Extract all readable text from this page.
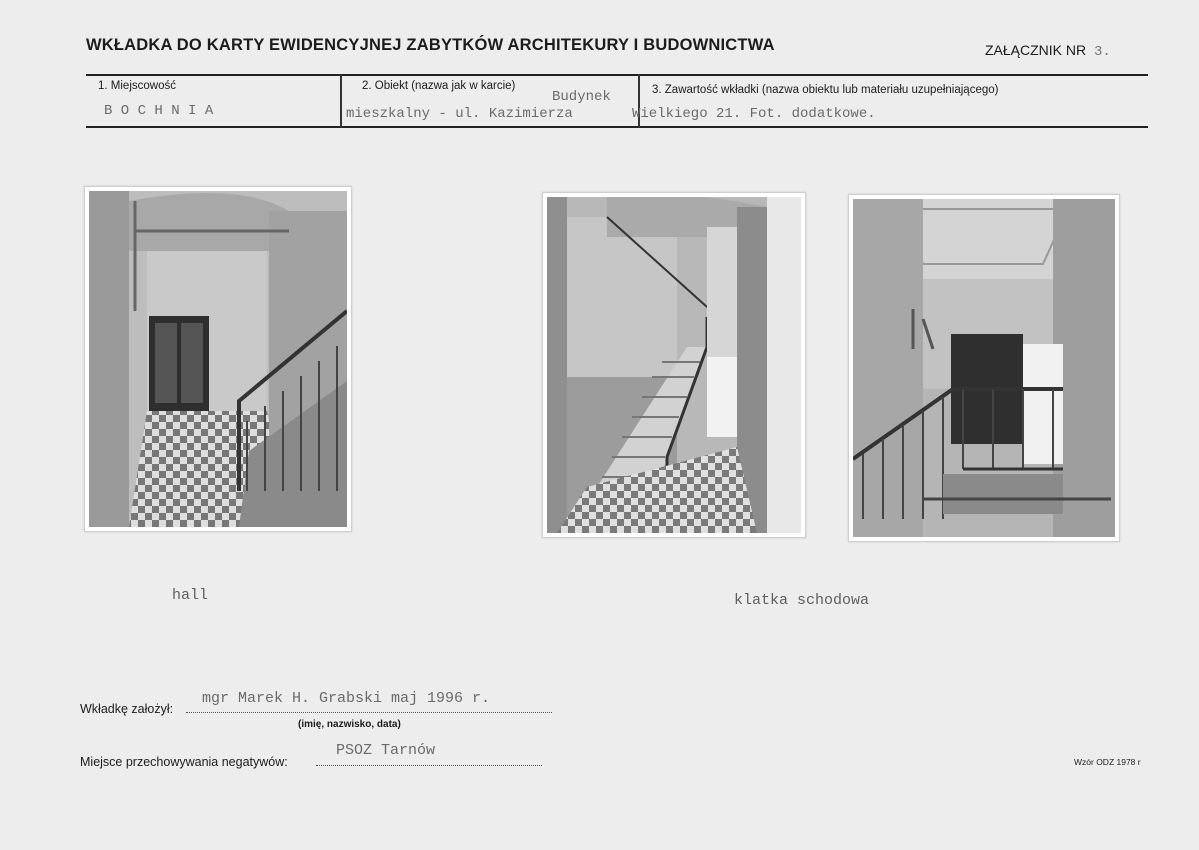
WKŁADKA DO KARTY EWIDENCYJNEJ ZABYTKÓW ARCHITEKURY I BUDOWNICTWA	ZAŁĄCZNIK NR 3.
1. Miejscowość
B O C H N I A
2. Obiekt (nazwa jak w karcie)
Budynek
mieszkalny - ul. Kazimierza
3. Zawartość wkładki (nazwa obiektu lub materiału uzupełniającego)
Wielkiego 21. Fot. dodatkowe.
hall	klatka schodowa
Wkładkę założył:
mgr Marek H. Grabski maj 1996 r.
(imię, nazwisko, data)
Miejsce przechowywania negatywów:
PSOZ Tarnów
Wzór ODZ 1978 r
